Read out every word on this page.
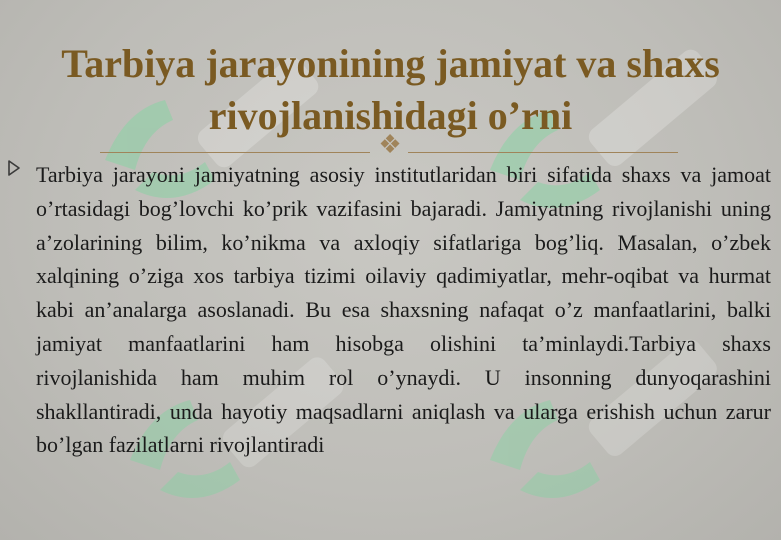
Tarbiya jarayonining jamiyat va shaxs rivojlanishidagi o’rni
❖

Tarbiya jarayoni jamiyatning asosiy institutlaridan biri sifatida shaxs va jamoat o’rtasidagi bog’lovchi ko’prik vazifasini bajaradi. Jamiyatning rivojlanishi uning a’zolarining bilim, ko’nikma va axloqiy sifatlariga bog’liq. Masalan, o’zbek xalqining o’ziga xos tarbiya tizimi oilaviy qadimiyatlar, mehr-oqibat va hurmat kabi an’analarga asoslanadi. Bu esa shaxsning nafaqat o’z manfaatlarini, balki jamiyat manfaatlarini ham hisobga olishini ta’minlaydi.Tarbiya shaxs rivojlanishida ham muhim rol o’ynaydi. U insonning dunyoqarashini shakllantiradi, unda hayotiy maqsadlarni aniqlash va ularga erishish uchun zarur bo’lgan fazilatlarni rivojlantiradi
